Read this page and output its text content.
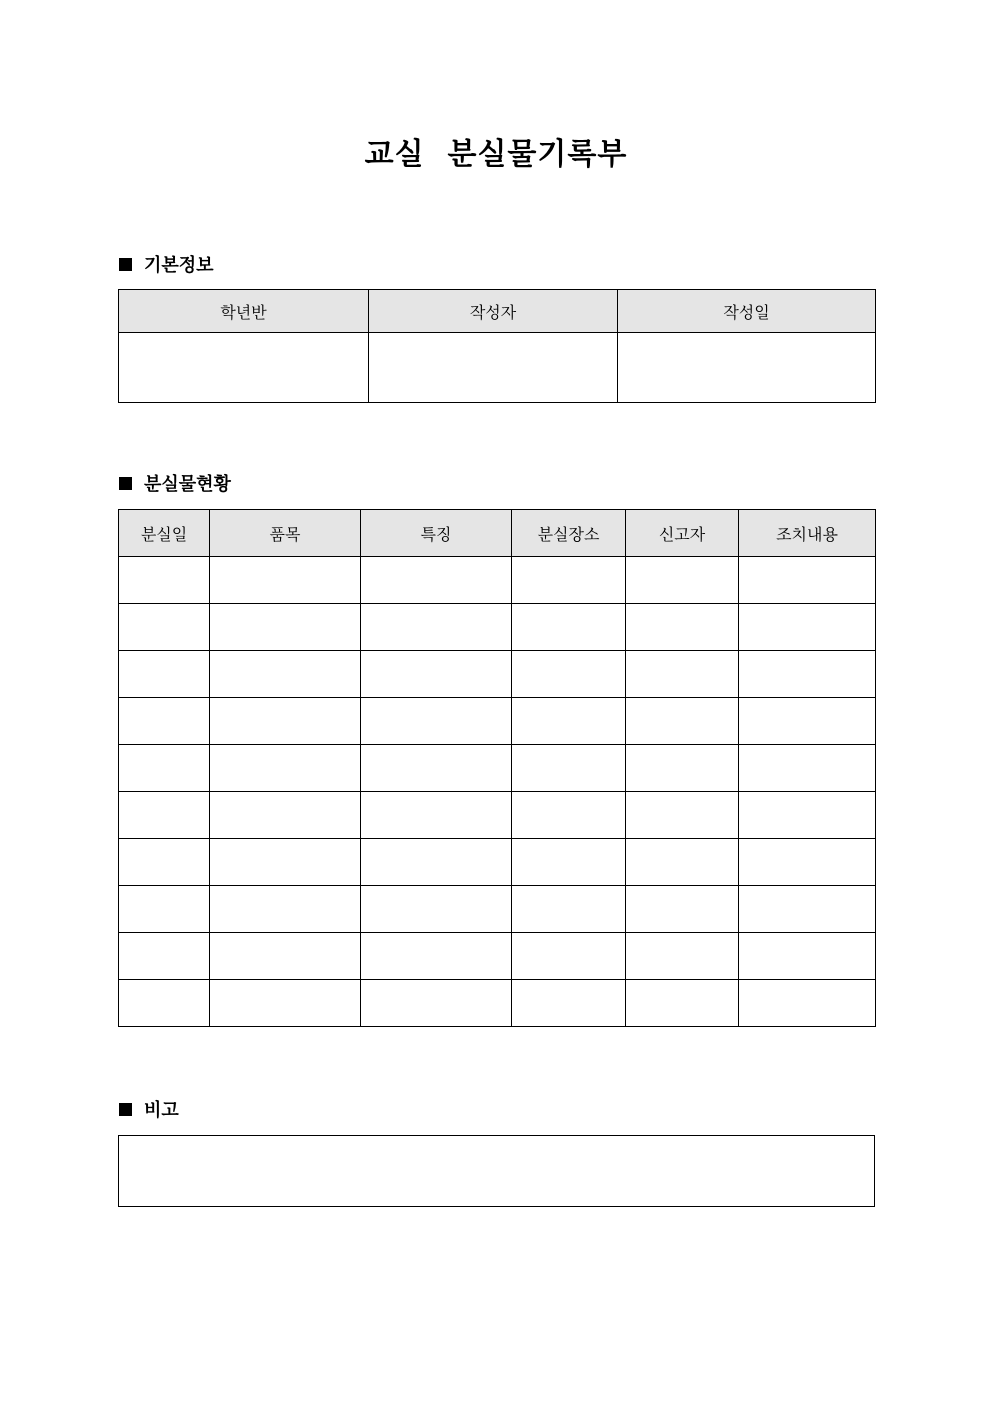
교실  분실물기록부
기본정보
학년반	작성자	작성일

분실물현황
분실일	품목	특징	분실장소	신고자	조치내용

비고
